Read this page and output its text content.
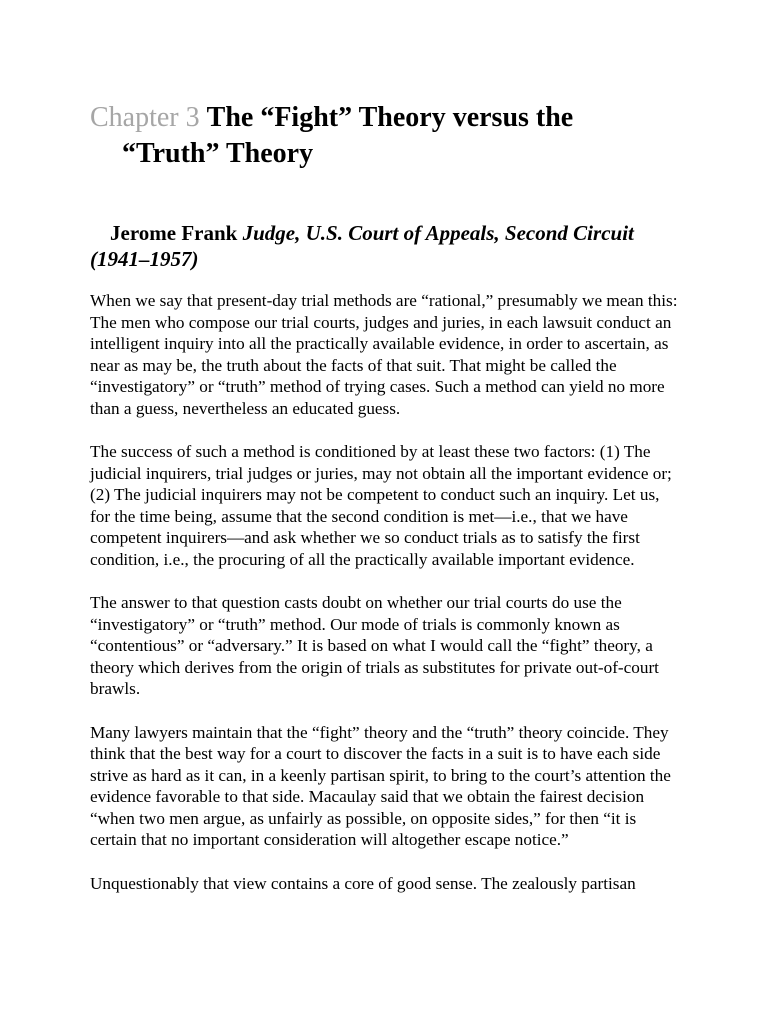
Chapter 3 The “Fight” Theory versus the
“Truth” Theory
Jerome Frank Judge, U.S. Court of Appeals, Second Circuit (1941–1957)

When we say that present-day trial methods are “rational,” presumably we mean this: The men who compose our trial courts, judges and juries, in each lawsuit conduct an intelligent inquiry into all the practically available evidence, in order to ascertain, as near as may be, the truth about the facts of that suit. That might be called the “investigatory” or “truth” method of trying cases. Such a method can yield no more than a guess, nevertheless an educated guess.

The success of such a method is conditioned by at least these two factors: (1) The judicial inquirers, trial judges or juries, may not obtain all the important evidence or; (2) The judicial inquirers may not be competent to conduct such an inquiry. Let us, for the time being, assume that the second condition is met—i.e., that we have competent inquirers—and ask whether we so conduct trials as to satisfy the first condition, i.e., the procuring of all the practically available important evidence.

The answer to that question casts doubt on whether our trial courts do use the “investigatory” or “truth” method. Our mode of trials is commonly known as “contentious” or “adversary.” It is based on what I would call the “fight” theory, a theory which derives from the origin of trials as substitutes for private out-of-court brawls.

Many lawyers maintain that the “fight” theory and the “truth” theory coincide. They think that the best way for a court to discover the facts in a suit is to have each side strive as hard as it can, in a keenly partisan spirit, to bring to the court’s attention the evidence favorable to that side. Macaulay said that we obtain the fairest decision “when two men argue, as unfairly as possible, on opposite sides,” for then “it is certain that no important consideration will altogether escape notice.”

Unquestionably that view contains a core of good sense. The zealously partisan
